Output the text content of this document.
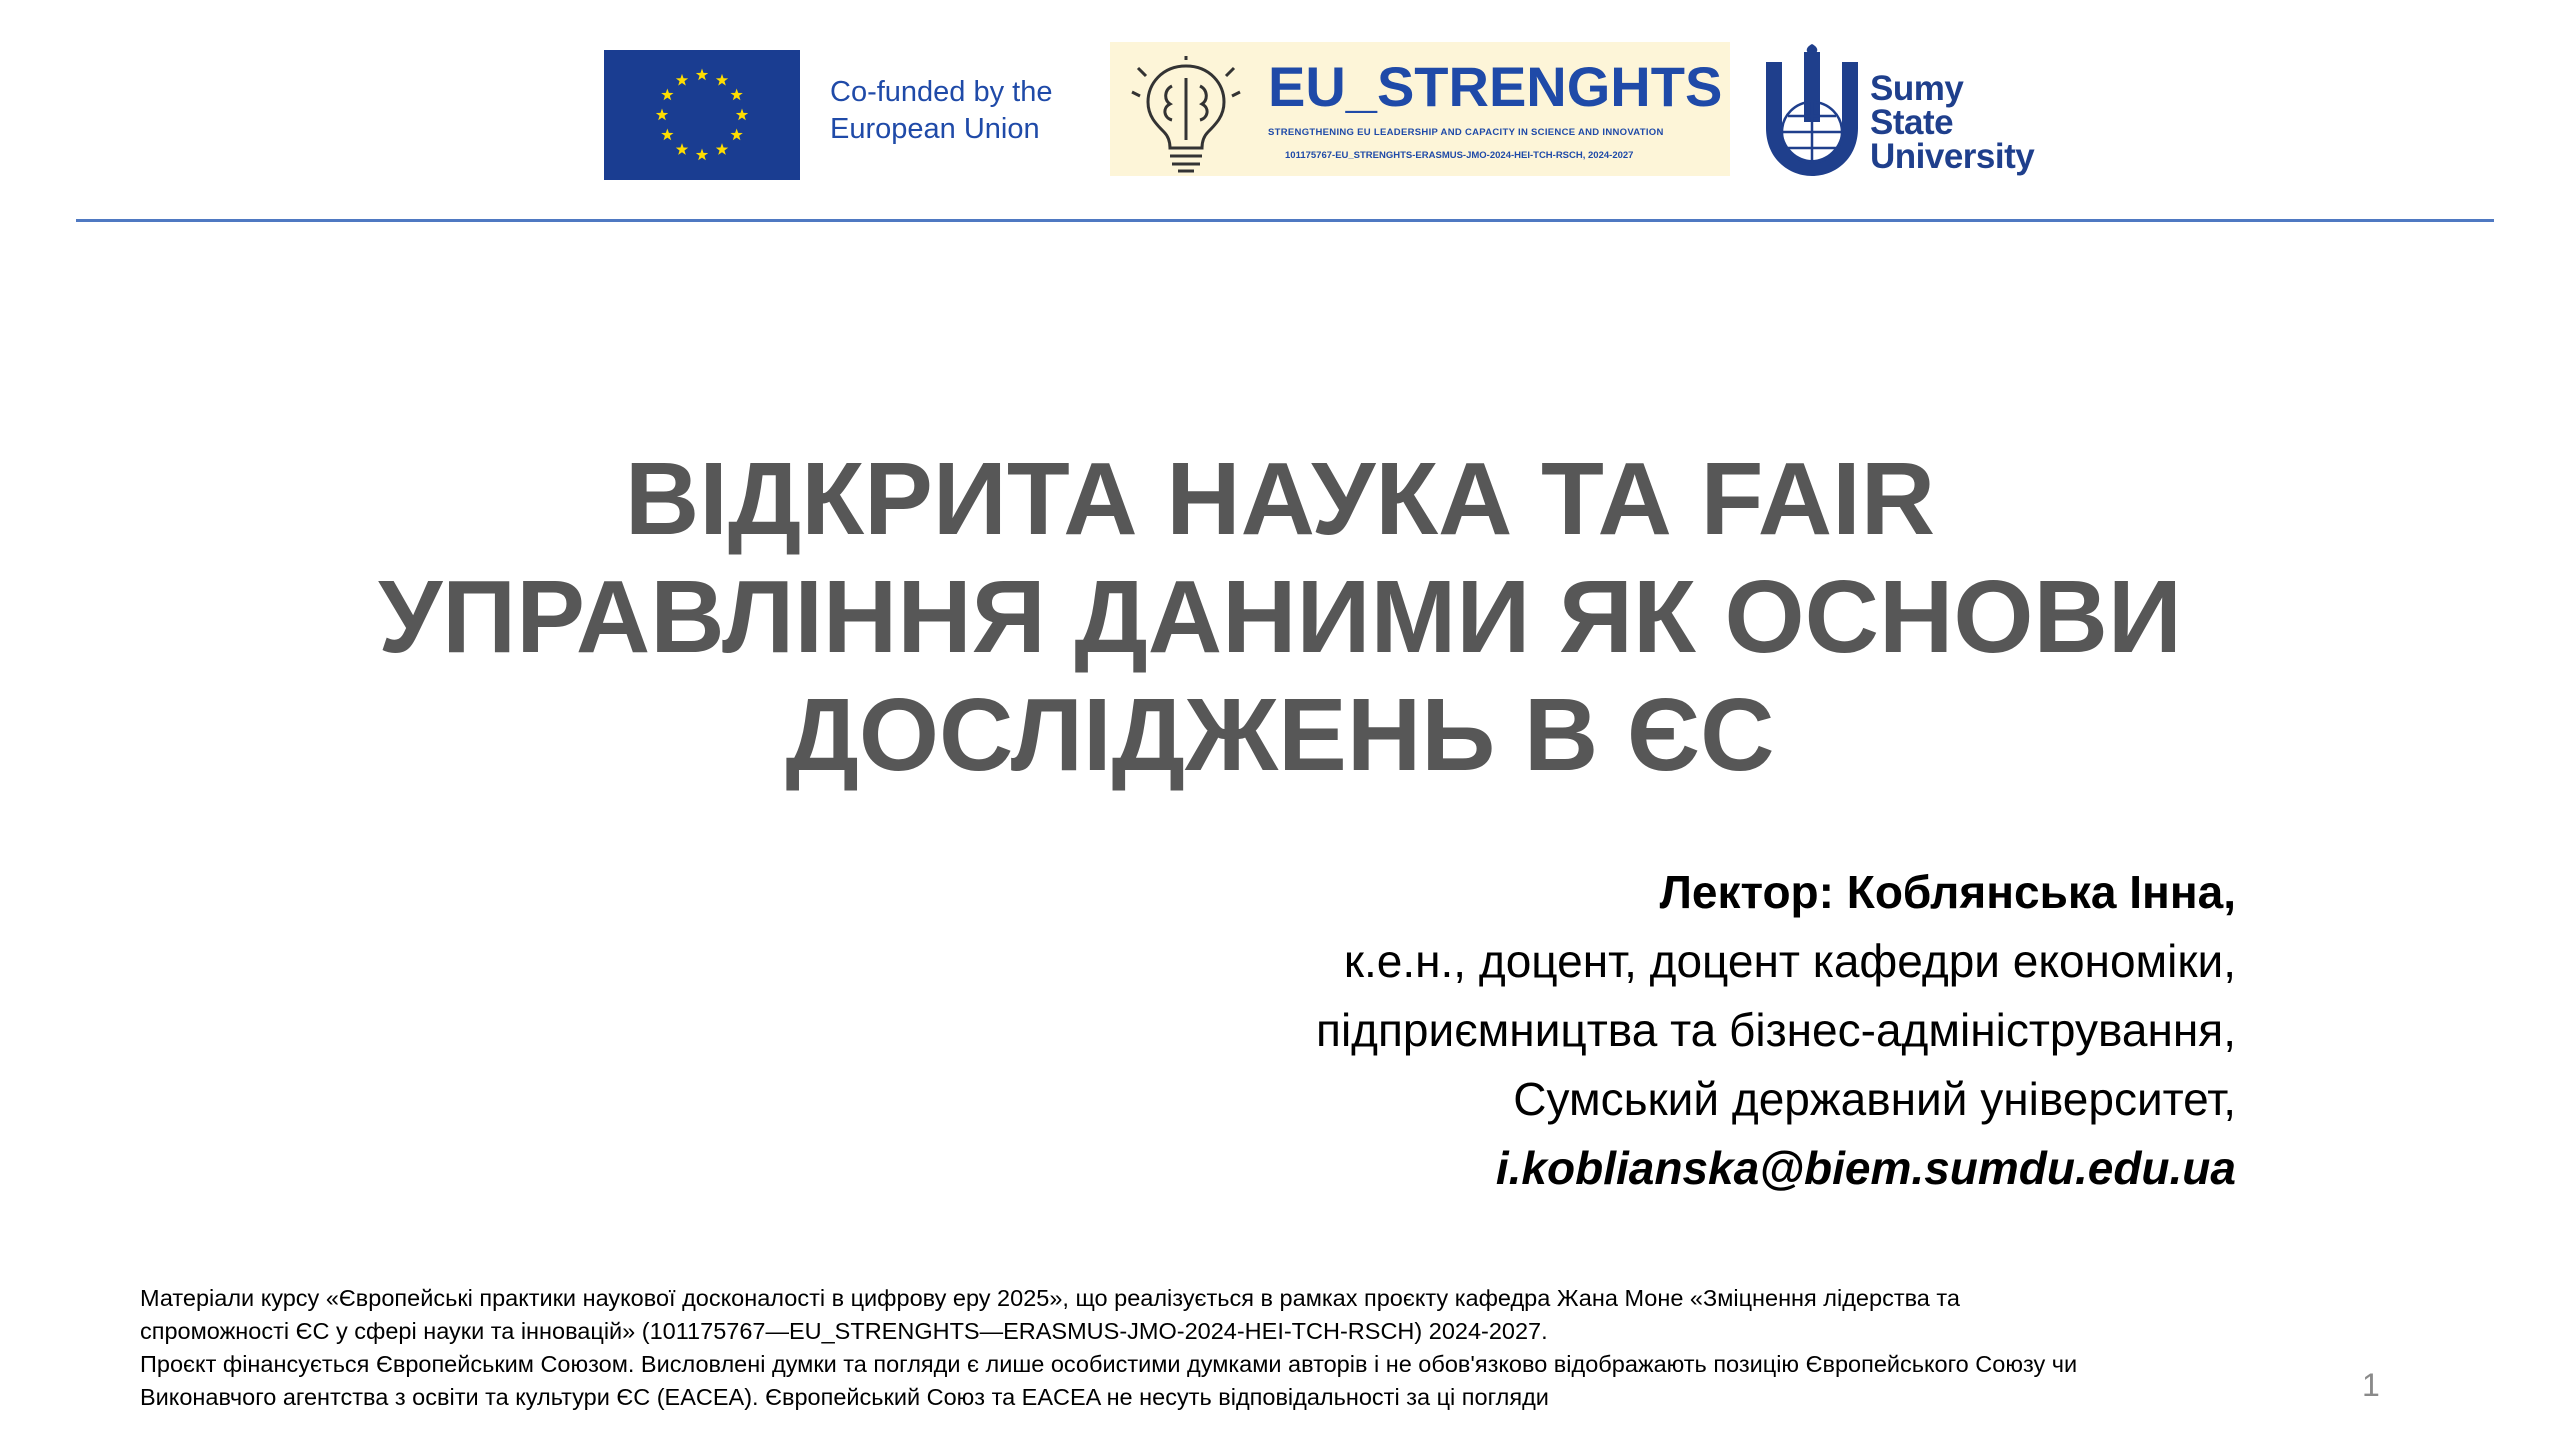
Co-funded by the
European Union
EU_STRENGHTS
STRENGTHENING EU LEADERSHIP AND CAPACITY IN SCIENCE AND INNOVATION
101175767-EU_STRENGHTS-ERASMUS-JMO-2024-HEI-TCH-RSCH, 2024-2027
Sumy
State
University
ВІДКРИТА НАУКА ТА FAIR
УПРАВЛІННЯ ДАНИМИ ЯК ОСНОВИ
ДОСЛІДЖЕНЬ В ЄС
Лектор: Коблянська Інна,
к.е.н., доцент, доцент кафедри економіки,
підприємництва та бізнес-адміністрування,
Сумський державний університет,
i.koblianska@biem.sumdu.edu.ua
Матеріали курсу «Європейські практики наукової досконалості в цифрову еру 2025», що реалізується в рамках проєкту кафедра Жана Моне «Зміцнення лідерства та
спроможності ЄС у сфері науки та інновацій» (101175767—EU_STRENGHTS—ERASMUS-JMO-2024-HEI-TCH-RSCH) 2024-2027.
Проєкт фінансується Європейським Союзом. Висловлені думки та погляди є лише особистими думками авторів і не обов'язково відображають позицію Європейського Союзу чи
Виконавчого агентства з освіти та культури ЄС (EACEA). Європейський Союз та EACEA не несуть відповідальності за ці погляди	1
